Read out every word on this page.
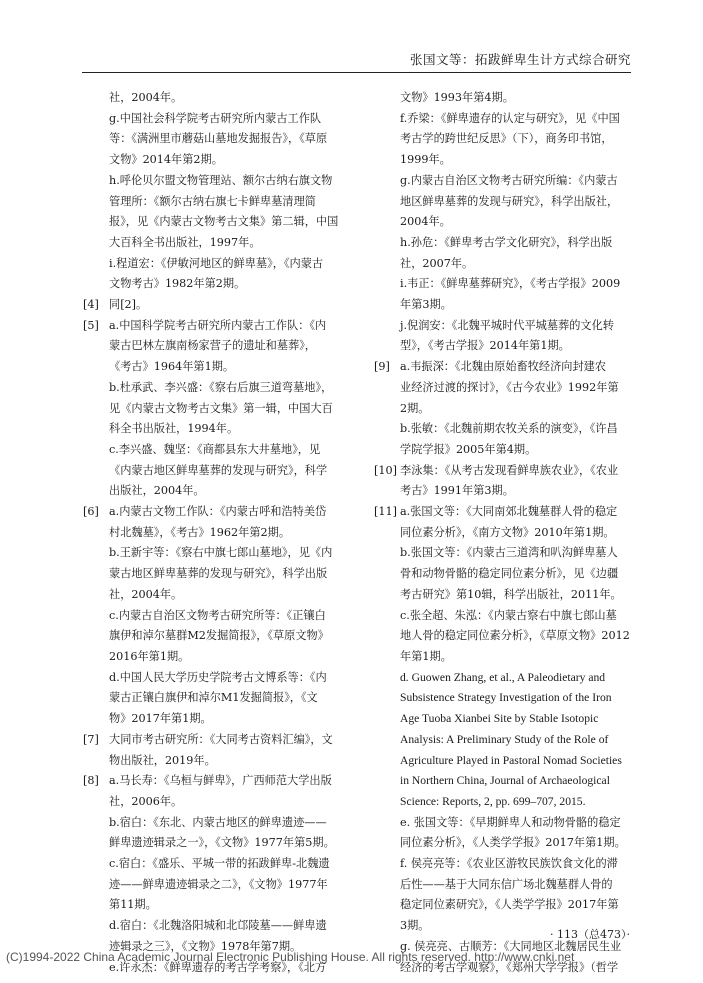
张国文等：拓跋鲜卑生计方式综合研究
社，2004年。
g.中国社会科学院考古研究所内蒙古工作队
等：《满洲里市蘑菇山墓地发掘报告》，《草原
文物》2014年第2期。
h.呼伦贝尔盟文物管理站、额尔古纳右旗文物
管理所：《额尔古纳右旗七卡鲜卑墓清理简
报》，见《内蒙古文物考古文集》第二辑，中国
大百科全书出版社，1997年。
i.程道宏：《伊敏河地区的鲜卑墓》，《内蒙古
文物考古》1982年第2期。
[4] 同[2]。
[5] a.中国科学院考古研究所内蒙古工作队：《内
蒙古巴林左旗南杨家营子的遗址和墓葬》，
《考古》1964年第1期。
b.杜承武、李兴盛：《察右后旗三道弯墓地》，
见《内蒙古文物考古文集》第一辑，中国大百
科全书出版社，1994年。
c.李兴盛、魏坚：《商都县东大井墓地》，见
《内蒙古地区鲜卑墓葬的发现与研究》，科学
出版社，2004年。
[6] a.内蒙古文物工作队：《内蒙古呼和浩特美岱
村北魏墓》，《考古》1962年第2期。
b.王新宇等：《察右中旗七郎山墓地》，见《内
蒙古地区鲜卑墓葬的发现与研究》，科学出版
社，2004年。
c.内蒙古自治区文物考古研究所等：《正镶白
旗伊和淖尔墓群M2发掘简报》，《草原文物》
2016年第1期。
d.中国人民大学历史学院考古文博系等：《内
蒙古正镶白旗伊和淖尔M1发掘简报》，《文
物》2017年第1期。
[7] 大同市考古研究所：《大同考古资料汇编》，文
物出版社，2019年。
[8] a.马长寿：《乌桓与鲜卑》，广西师范大学出版
社，2006年。
b.宿白：《东北、内蒙古地区的鲜卑遗迹——
鲜卑遗迹辑录之一》，《文物》1977年第5期。
c.宿白：《盛乐、平城一带的拓跋鲜卑-北魏遗
迹——鲜卑遗迹辑录之二》，《文物》1977年
第11期。
d.宿白：《北魏洛阳城和北邙陵墓——鲜卑遗
迹辑录之三》，《文物》1978年第7期。
e.许永杰：《鲜卑遗存的考古学考察》，《北方
文物》1993年第4期。
f.乔梁：《鲜卑遗存的认定与研究》，见《中国
考古学的跨世纪反思》（下），商务印书馆，
1999年。
g.内蒙古自治区文物考古研究所编：《内蒙古
地区鲜卑墓葬的发现与研究》，科学出版社，
2004年。
h.孙危：《鲜卑考古学文化研究》，科学出版
社，2007年。
i.韦正：《鲜卑墓葬研究》，《考古学报》2009
年第3期。
j.倪润安：《北魏平城时代平城墓葬的文化转
型》，《考古学报》2014年第1期。
[9] a.韦振深：《北魏由原始畜牧经济向封建农
业经济过渡的探讨》，《古今农业》1992年第
2期。
b.张敏：《北魏前期农牧关系的演变》，《许昌
学院学报》2005年第4期。
[10] 李泳集：《从考古发现看鲜卑族农业》，《农业
考古》1991年第3期。
[11] a.张国文等：《大同南郊北魏墓群人骨的稳定
同位素分析》，《南方文物》2010年第1期。
b.张国文等：《内蒙古三道湾和叭沟鲜卑墓人
骨和动物骨骼的稳定同位素分析》，见《边疆
考古研究》第10辑，科学出版社，2011年。
c.张全超、朱泓：《内蒙古察右中旗七郎山墓
地人骨的稳定同位素分析》，《草原文物》2012
年第1期。
d. Guowen Zhang, et al., A Paleodietary and
Subsistence Strategy Investigation of the Iron
Age Tuoba Xianbei Site by Stable Isotopic
Analysis: A Preliminary Study of the Role of
Agriculture Played in Pastoral Nomad Societies
in Northern China, Journal of Archaeological
Science: Reports, 2, pp. 699–707, 2015.
e. 张国文等：《早期鲜卑人和动物骨骼的稳定
同位素分析》，《人类学学报》2017年第1期。
f. 侯亮亮等：《农业区游牧民族饮食文化的滞
后性——基于大同东信广场北魏墓群人骨的
稳定同位素研究》，《人类学学报》2017年第
3期。
g. 侯亮亮、古顺芳：《大同地区北魏居民生业
经济的考古学观察》，《郑州大学学报》（哲学
· 113（总473）·
(C)1994-2022 China Academic Journal Electronic Publishing House. All rights reserved. http://www.cnki.net
